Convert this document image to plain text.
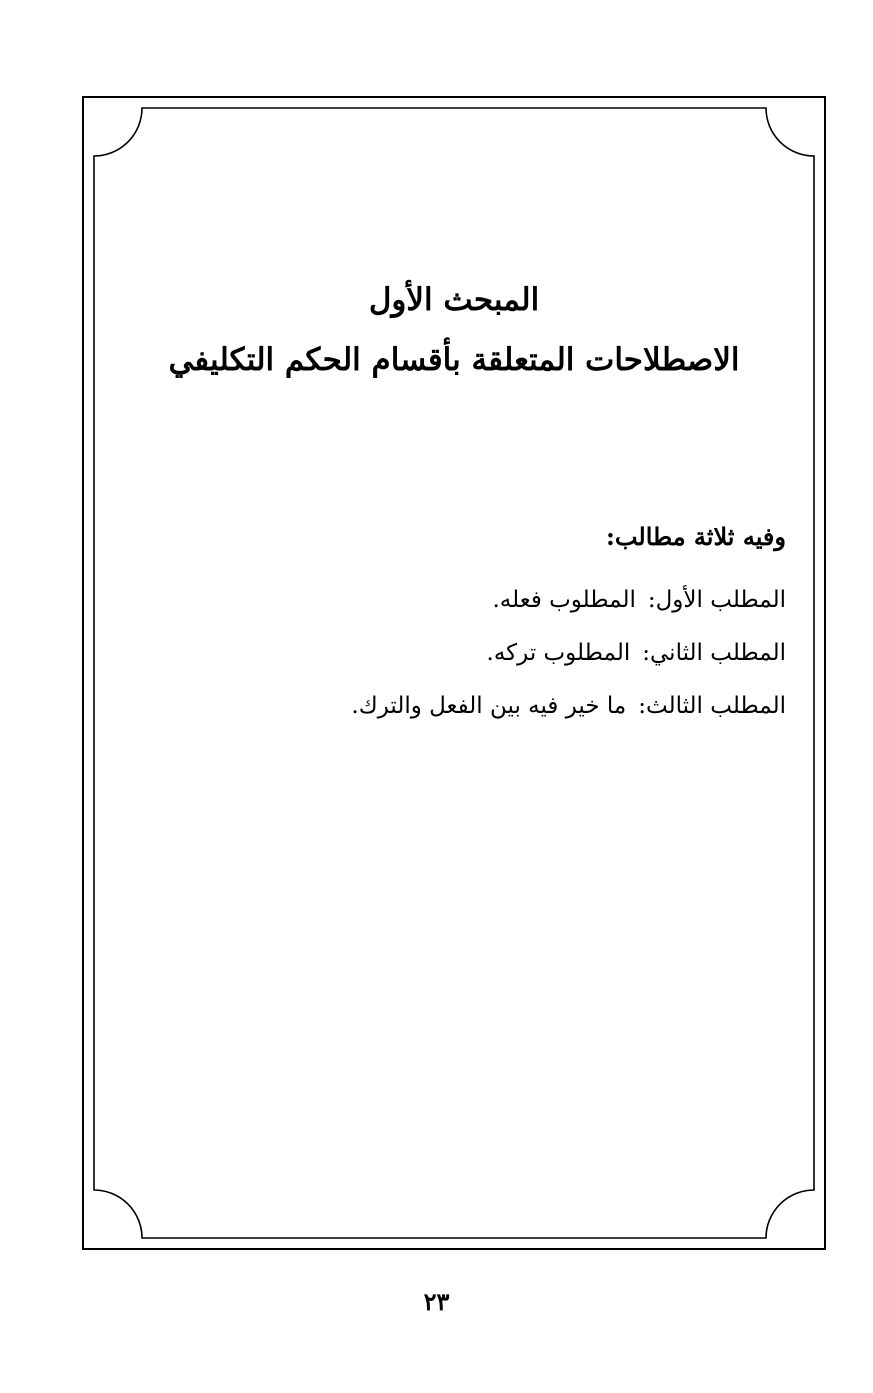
المبحث الأول
الاصطلاحات المتعلقة بأقسام الحكم التكليفي
وفيه ثلاثة مطالب:
المطلب الأول:المطلوب فعله.
المطلب الثاني:المطلوب تركه.
المطلب الثالث:ما خير فيه بين الفعل والترك.
٢٣
